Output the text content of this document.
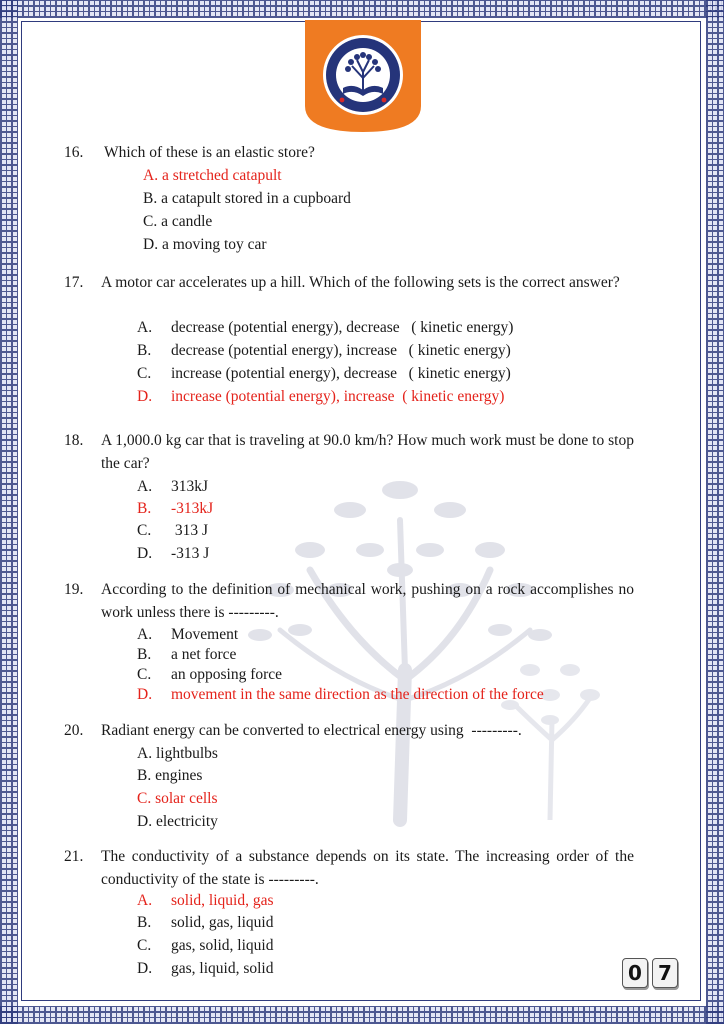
16. Which of these is an elastic store?
A. a stretched catapult
B. a catapult stored in a cupboard
C. a candle
D. a moving toy car
17. A motor car accelerates up a hill. Which of the following sets is the correct answer?
A. decrease (potential energy), decrease   ( kinetic energy)
B. decrease (potential energy), increase   ( kinetic energy)
C. increase (potential energy), decrease   ( kinetic energy)
D. increase (potential energy), increase  ( kinetic energy)
18. A 1,000.0 kg car that is traveling at 90.0 km/h? How much work must be done to stop the car?
A. 313kJ
B. -313kJ
C. 313 J
D. -313 J
19. According to the definition of mechanical work, pushing on a rock accomplishes no work unless there is ---------.
A. Movement
B. a net force
C. an opposing force
D. movement in the same direction as the direction of the force
20. Radiant energy can be converted to electrical energy using  ---------.
A. lightbulbs
B. engines
C. solar cells
D. electricity
21. The conductivity of a substance depends on its state. The increasing order of the conductivity of the state is ---------.
A. solid, liquid, gas
B. solid, gas, liquid
C. gas, solid, liquid
D. gas, liquid, solid	0 7
